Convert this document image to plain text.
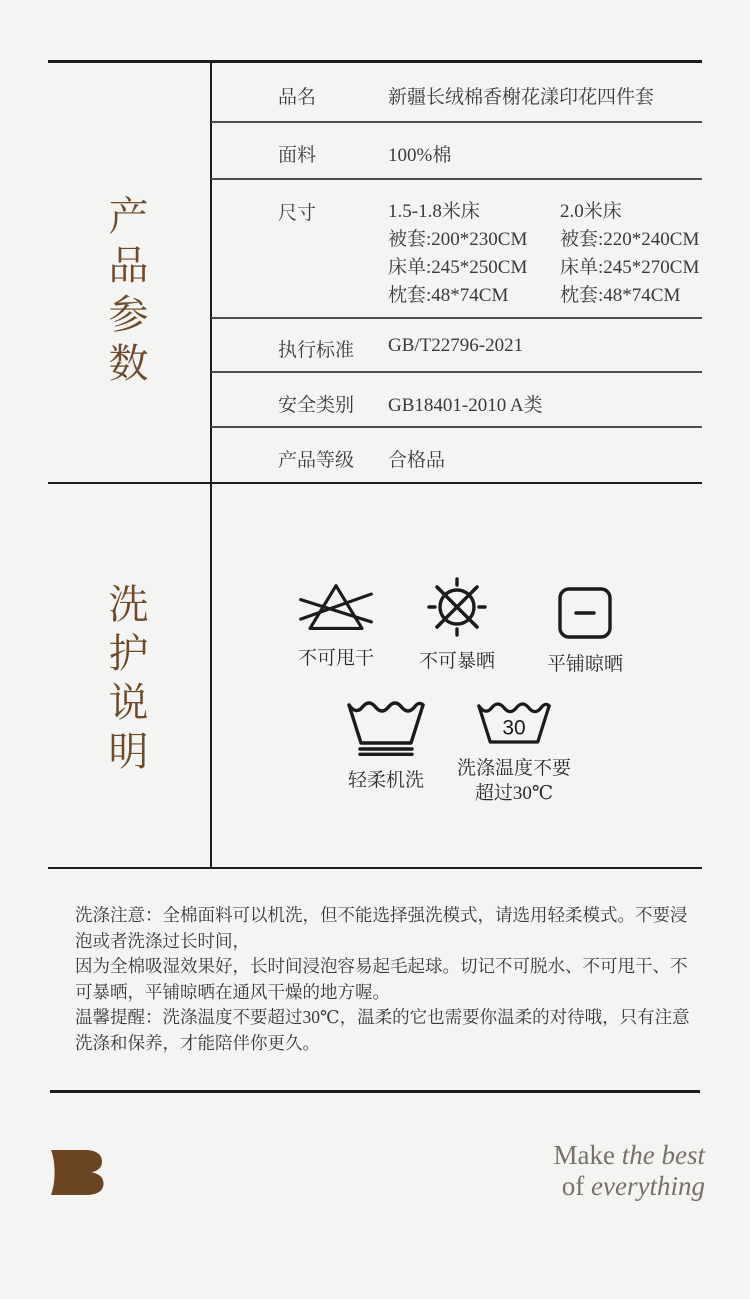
产品参数
品名	新疆长绒棉香榭花漾印花四件套
面料	100%棉
尺寸	1.5-1.8米床
被套:200*230CM
床单:245*250CM
枕套:48*74CM
2.0米床
被套:220*240CM
床单:245*270CM
枕套:48*74CM
执行标准 GB/T22796-2021
安全类别 GB18401-2010 A类
产品等级 合格品
洗护说明	不可甩干	不可暴晒	平铺晾晒
轻柔机洗
30
洗涤温度不要
超过30℃
洗涤注意：全棉面料可以机洗，但不能选择强洗模式，请选用轻柔模式。不要浸泡或者洗涤过长时间，
因为全棉吸湿效果好，长时间浸泡容易起毛起球。切记不可脱水、不可甩干、不可暴晒，平铺晾晒在通风干燥的地方喔。
温馨提醒：洗涤温度不要超过30℃，温柔的它也需要你温柔的对待哦，只有注意洗涤和保养，才能陪伴你更久。
Make the best
of everything
